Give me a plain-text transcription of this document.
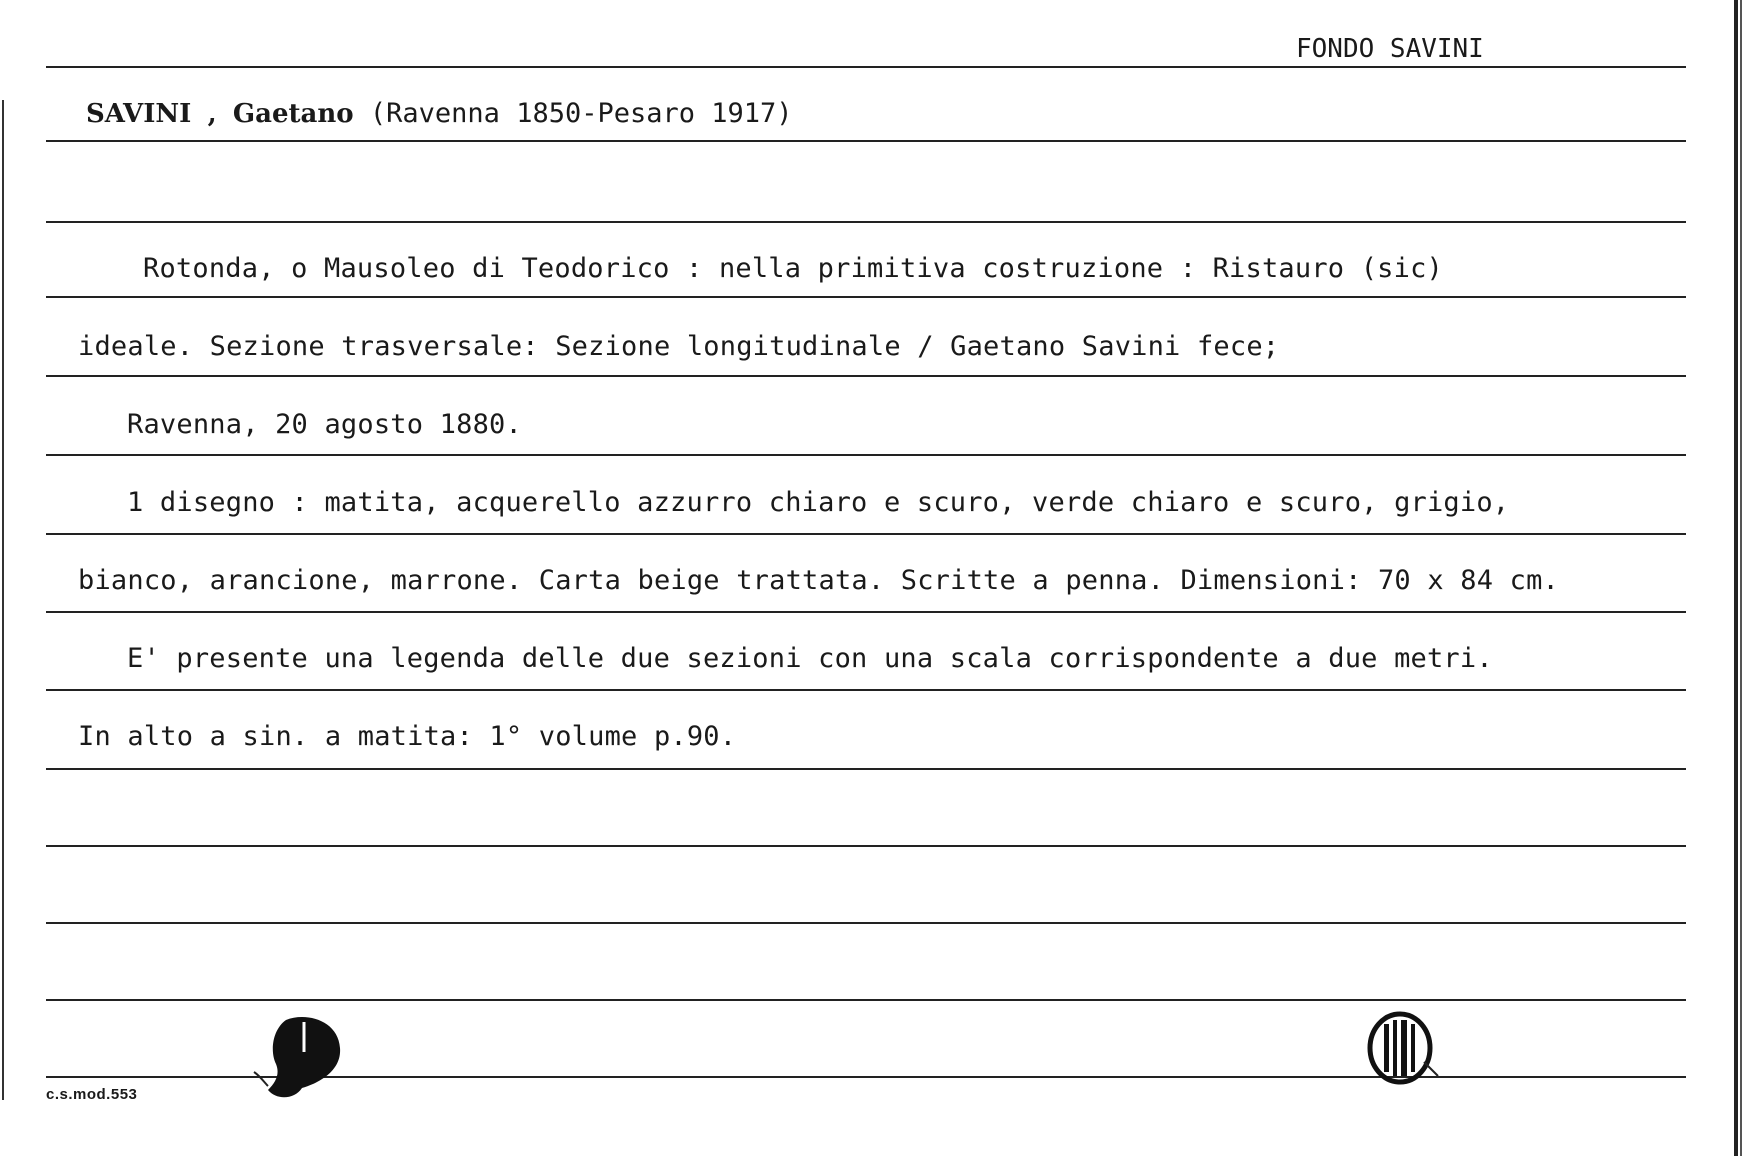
FONDO SAVINI
SAVINI , Gaetano (Ravenna 1850-Pesaro 1917)
Rotonda, o Mausoleo di Teodorico : nella primitiva costruzione : Ristauro (sic)
ideale. Sezione trasversale: Sezione longitudinale / Gaetano Savini fece;
Ravenna, 20 agosto 1880.
1 disegno : matita, acquerello azzurro chiaro e scuro, verde chiaro e scuro, grigio,
bianco, arancione, marrone. Carta beige trattata. Scritte a penna. Dimensioni: 70 x 84 cm.
E' presente una legenda delle due sezioni con una scala corrispondente a due metri.
In alto a sin. a matita: 1° volume p.90.
c.s.mod.553
